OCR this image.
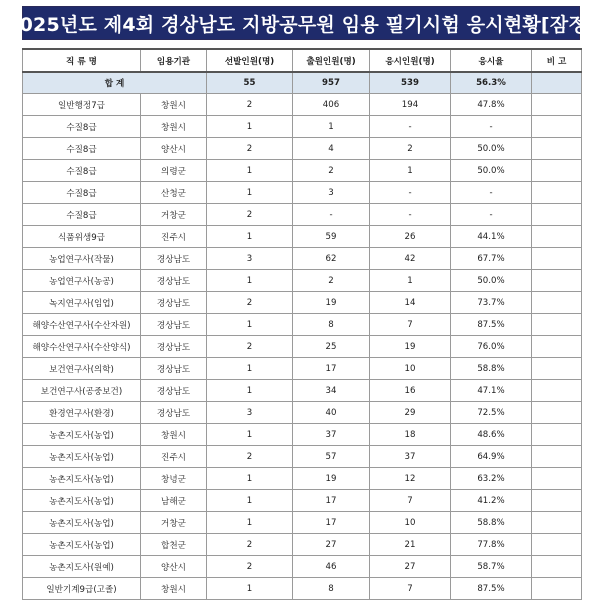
2025년도 제4회 경상남도 지방공무원 임용 필기시험 응시현황[잠정]
직 류 명	임용기관	선발인원(명)	출원인원(명)	응시인원(명)	응시율	비 고
합 계		55	957	539	56.3%	
일반행정7급	창원시	2	406	194	47.8%	
수질8급	창원시	1	1	-	-	
수질8급	양산시	2	4	2	50.0%	
수질8급	의령군	1	2	1	50.0%	
수질8급	산청군	1	3	-	-	
수질8급	거창군	2	-	-	-	
식품위생9급	진주시	1	59	26	44.1%	
농업연구사(작물)	경상남도	3	62	42	67.7%	
농업연구사(농공)	경상남도	1	2	1	50.0%	
녹지연구사(임업)	경상남도	2	19	14	73.7%	
해양수산연구사(수산자원)	경상남도	1	8	7	87.5%	
해양수산연구사(수산양식)	경상남도	2	25	19	76.0%	
보건연구사(의학)	경상남도	1	17	10	58.8%	
보건연구사(공중보건)	경상남도	1	34	16	47.1%	
환경연구사(환경)	경상남도	3	40	29	72.5%	
농촌지도사(농업)	창원시	1	37	18	48.6%	
농촌지도사(농업)	진주시	2	57	37	64.9%	
농촌지도사(농업)	창녕군	1	19	12	63.2%	
농촌지도사(농업)	남해군	1	17	7	41.2%	
농촌지도사(농업)	거창군	1	17	10	58.8%	
농촌지도사(농업)	합천군	2	27	21	77.8%	
농촌지도사(원예)	양산시	2	46	27	58.7%	
일반기계9급(고졸)	창원시	1	8	7	87.5%	
